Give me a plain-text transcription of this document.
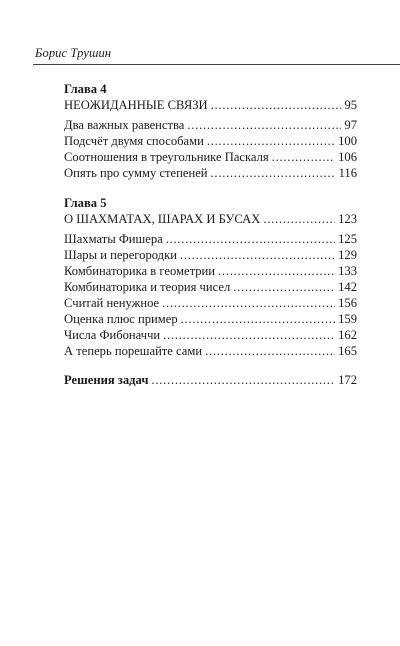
Борис Трушин
Глава 4
НЕОЖИДАННЫЕ СВЯЗИ . . .	95
Два важных равенства . . .	97
Подсчёт двумя способами . . .	100
Соотношения в треугольнике Паскаля . . .	106
Опять про сумму степеней . . .	116
Глава 5
О ШАХМАТАХ, ШАРАХ И БУСАХ . . .	123
Шахматы Фишера . . .	125
Шары и перегородки . . .	129
Комбинаторика в геометрии . . .	133
Комбинаторика и теория чисел . . .	142
Считай ненужное . . .	156
Оценка плюс пример . . .	159
Числа Фибоначчи . . .	162
А теперь порешайте сами . . .	165
Решения задач . . .	172
